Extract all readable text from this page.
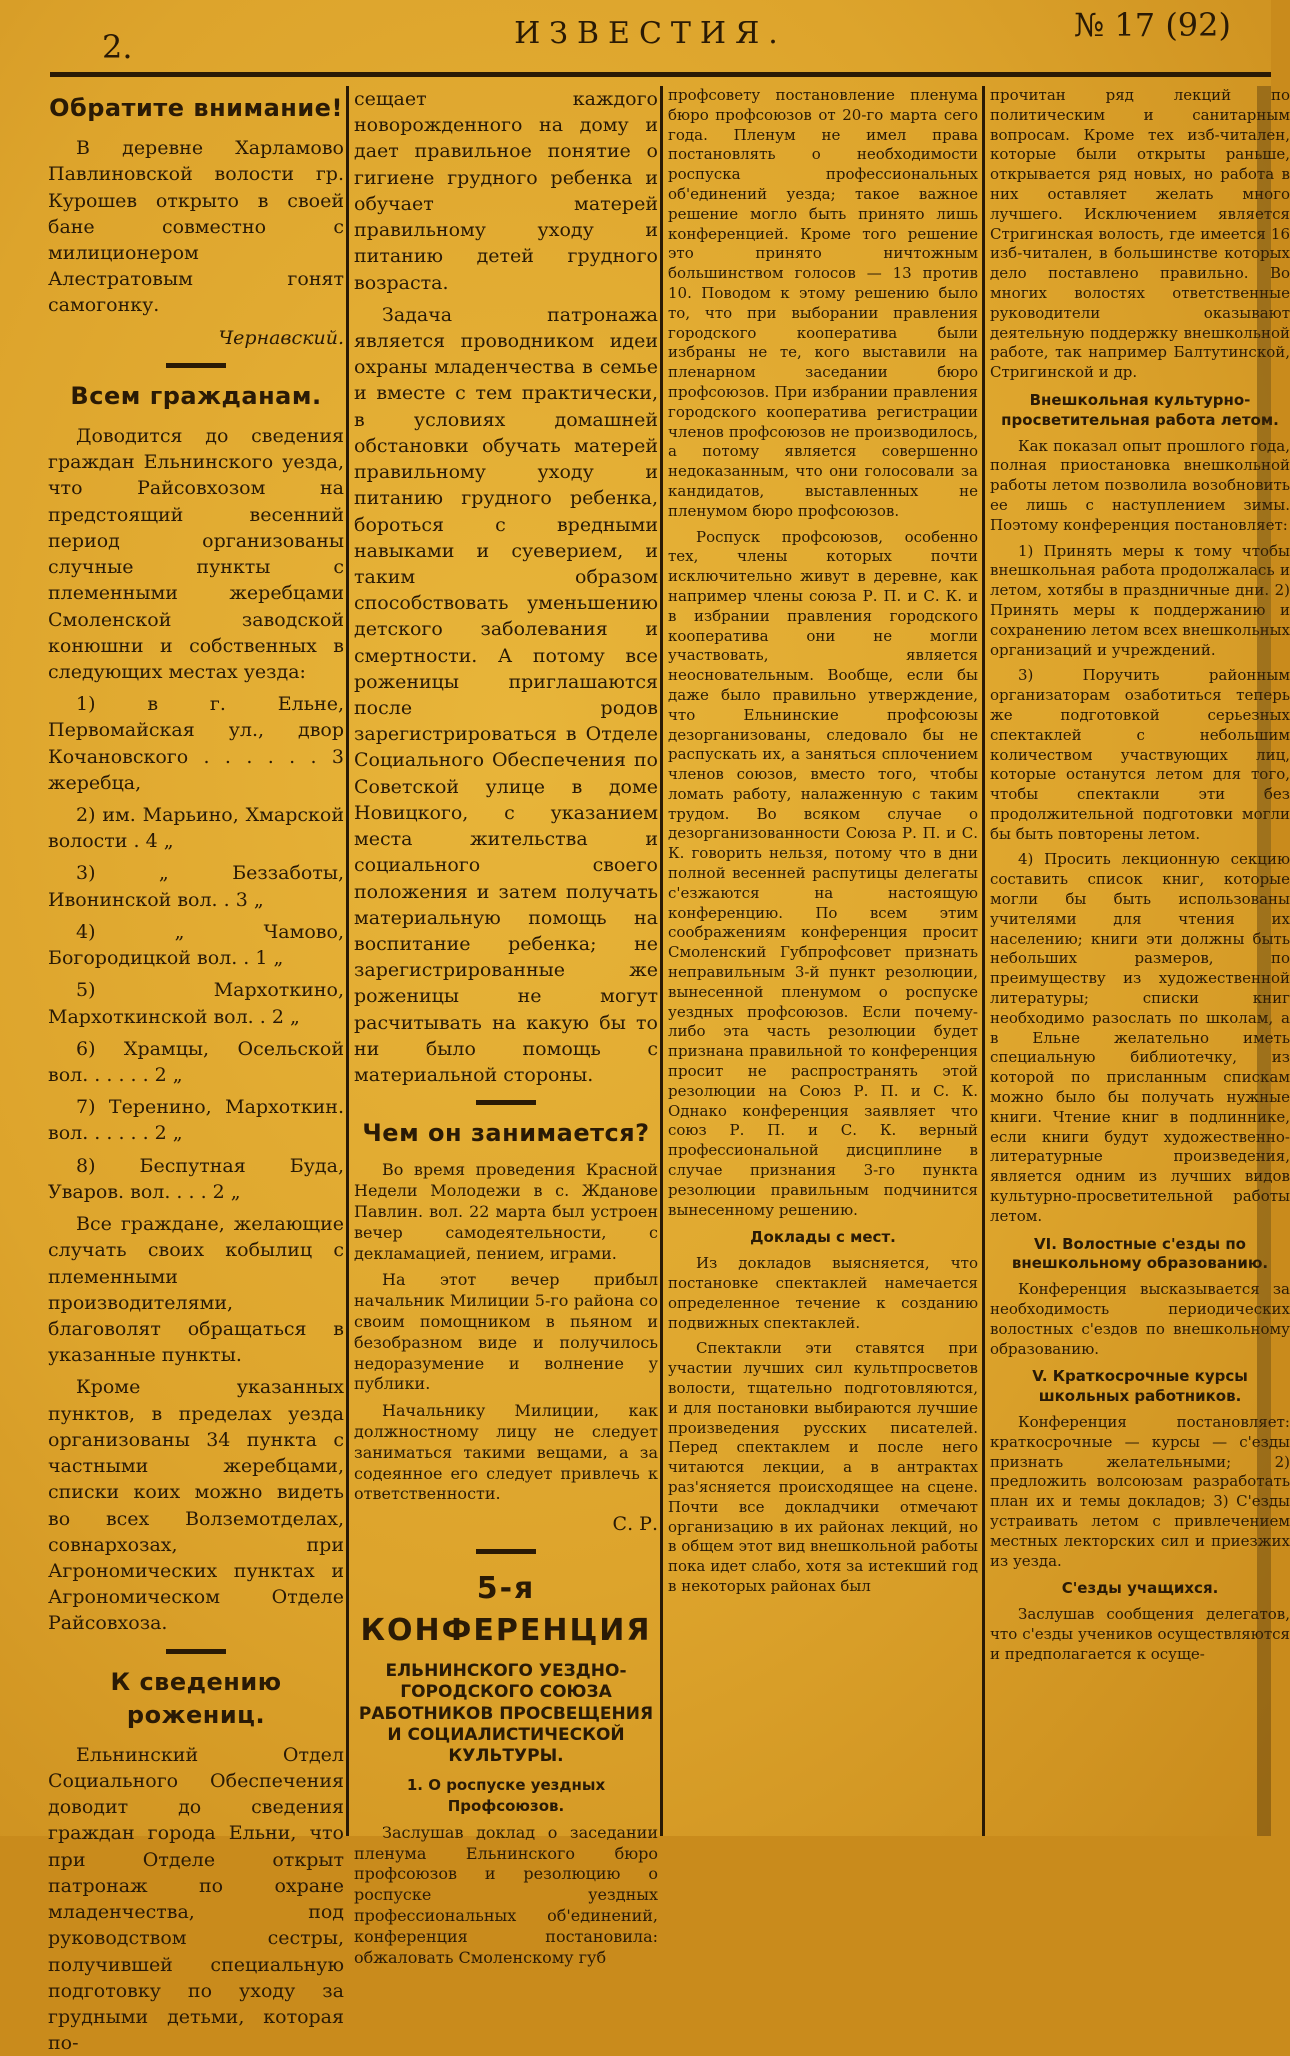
2.	ИЗВЕСТИЯ.	№ 17 (92)
Обратите внимание!

В деревне Харламово Павлиновской волости гр. Курошев открыто в своей бане совместно с милиционером Алестратовым гонят самогонку.

Чернавский.
Всем гражданам.

Доводится до сведения граждан Ельнинского уезда, что Райсовхозом на предстоящий весенний период организованы случные пункты с племенными жеребцами Смоленской заводской конюшни и собственных в следующих местах уезда:

1) в г. Ельне, Первомайская ул., двор Кочановского . . . . . . 3 жеребца,

2) им. Марьино, Хмарской волости . 4 „

3) „ Беззаботы, Ивонинской вол. . 3 „

4) „ Чамово, Богородицкой вол. . 1 „

5) Мархоткино, Мархоткинской вол. . 2 „

6) Храмцы, Осельской вол. . . . . . 2 „

7) Теренино, Мархоткин. вол. . . . . . 2 „

8) Беспутная Буда, Уваров. вол. . . . 2 „

Все граждане, желающие случать своих кобылиц с племенными производителями, благоволят обращаться в указанные пункты.

Кроме указанных пунктов, в пределах уезда организованы 34 пункта с частными жеребцами, списки коих можно видеть во всех Волземотделах, совнархозах, при Агрономических пунктах и Агрономическом Отделе Райсовхоза.

К сведению рожениц.

Ельнинский Отдел Социального Обеспечения доводит до сведения граждан города Ельни, что при Отделе открыт патронаж по охране младенчества, под руководством сестры, получившей специальную подготовку по уходу за грудными детьми, которая по-

сещает каждого новорожденного на дому и дает правильное понятие о гигиене грудного ребенка и обучает матерей правильному уходу и питанию детей грудного возраста.

Задача патронажа является проводником идеи охраны младенчества в семье и вместе с тем практически, в условиях домашней обстановки обучать матерей правильному уходу и питанию грудного ребенка, бороться с вредными навыками и суеверием, и таким образом способствовать уменьшению детского заболевания и смертности. А потому все роженицы приглашаются после родов зарегистрироваться в Отделе Социального Обеспечения по Советской улице в доме Новицкого, с указанием места жительства и социального своего положения и затем получать материальную помощь на воспитание ребенка; не зарегистрированные же роженицы не могут расчитывать на какую бы то ни было помощь с материальной стороны.

Чем он занимается?

Во время проведения Красной Недели Молодежи в с. Жданове Павлин. вол. 22 марта был устроен вечер самодеятельности, с декламацией, пением, играми.

На этот вечер прибыл начальник Милиции 5-го района со своим помощником в пьяном и безобразном виде и получилось недоразумение и волнение у публики.

Начальнику Милиции, как должностному лицу не следует заниматься такими вещами, а за содеянное его следует привлечь к ответственности.

С. Р.
5-я КОНФЕРЕНЦИЯ
ЕЛЬНИНСКОГО УЕЗДНО-ГОРОДСКОГО СОЮЗА РАБОТНИКОВ ПРОСВЕЩЕНИЯ И СОЦИАЛИСТИЧЕСКОЙ КУЛЬТУРЫ.
1. О роспуске уездных Профсоюзов.

Заслушав доклад о заседании пленума Ельнинского бюро профсоюзов и резолюцию о роспуске уездных профессиональных об'единений, конференция постановила: обжаловать Смоленскому губ

профсовету постановление пленума бюро профсоюзов от 20-го марта сего года. Пленум не имел права постановлять о необходимости роспуска профессиональных об'единений уезда; такое важное решение могло быть принято лишь конференцией. Кроме того решение это принято ничтожным большинством голосов — 13 против 10. Поводом к этому решению было то, что при выборании правления городского кооператива были избраны не те, кого выставили на пленарном заседании бюро профсоюзов. При избрании правления городского кооператива регистрации членов профсоюзов не производилось, а потому является совершенно недоказанным, что они голосовали за кандидатов, выставленных не пленумом бюро профсоюзов.

Роспуск профсоюзов, особенно тех, члены которых почти исключительно живут в деревне, как например члены союза Р. П. и С. К. и в избрании правления городского кооператива они не могли участвовать, является неосновательным. Вообще, если бы даже было правильно утверждение, что Ельнинские профсоюзы дезорганизованы, следовало бы не распускать их, а заняться сплочением членов союзов, вместо того, чтобы ломать работу, налаженную с таким трудом. Во всяком случае о дезорганизованности Союза Р. П. и С. К. говорить нельзя, потому что в дни полной весенней распутицы делегаты с'езжаются на настоящую конференцию. По всем этим соображениям конференция просит Смоленский Губпрофсовет признать неправильным 3-й пункт резолюции, вынесенной пленумом о роспуске уездных профсоюзов. Если почему-либо эта часть резолюции будет признана правильной то конференция просит не распространять этой резолюции на Союз Р. П. и С. К. Однако конференция заявляет что союз Р. П. и С. К. верный профессиональной дисциплине в случае признания 3-го пункта резолюции правильным подчинится вынесенному решению.

Доклады с мест.

Из докладов выясняется, что постановке спектаклей намечается определенное течение к созданию подвижных спектаклей.

Спектакли эти ставятся при участии лучших сил культпросветов волости, тщательно подготовляются, и для постановки выбираются лучшие произведения русских писателей. Перед спектаклем и после него читаются лекции, а в антрактах раз'ясняется происходящее на сцене. Почти все докладчики отмечают организацию в их районах лекций, но в общем этот вид внешкольной работы пока идет слабо, хотя за истекший год в некоторых районах был

прочитан ряд лекций по политическим и санитарным вопросам. Кроме тех изб-читален, которые были открыты раньше, открывается ряд новых, но работа в них оставляет желать много лучшего. Исключением является Стригинская волость, где имеется 16 изб-читален, в большинстве которых дело поставлено правильно. Во многих волостях ответственные руководители оказывают деятельную поддержку внешкольной работе, так например Балтутинской, Стригинской и др.

Внешкольная культурно-просветительная работа летом.

Как показал опыт прошлого года, полная приостановка внешкольной работы летом позволила возобновить ее лишь с наступлением зимы. Поэтому конференция постановляет:

1) Принять меры к тому чтобы внешкольная работа продолжалась и летом, хотябы в праздничные дни. 2) Принять меры к поддержанию и сохранению летом всех внешкольных организаций и учреждений.

3) Поручить районным организаторам озаботиться теперь же подготовкой серьезных спектаклей с небольшим количеством участвующих лиц, которые останутся летом для того, чтобы спектакли эти без продолжительной подготовки могли бы быть повторены летом.

4) Просить лекционную секцию составить список книг, которые могли бы быть использованы учителями для чтения их населению; книги эти должны быть небольших размеров, по преимуществу из художественной литературы; списки книг необходимо разослать по школам, а в Ельне желательно иметь специальную библиотечку, из которой по присланным спискам можно было бы получать нужные книги. Чтение книг в подлиннике, если книги будут художественно-литературные произведения, является одним из лучших видов культурно-просветительной работы летом.

VI. Волостные с'езды по внешкольному образованию.

Конференция высказывается за необходимость периодических волостных с'ездов по внешкольному образованию.

V. Краткосрочные курсы школьных работников.

Конференция постановляет: краткосрочные — курсы — с'езды признать желательными; 2) предложить волсоюзам разработать план их и темы докладов; 3) С'езды устраивать летом с привлечением местных лекторских сил и приезжих из уезда.

С'езды учащихся.

Заслушав сообщения делегатов, что с'езды учеников осуществляются и предполагается к осуще-
